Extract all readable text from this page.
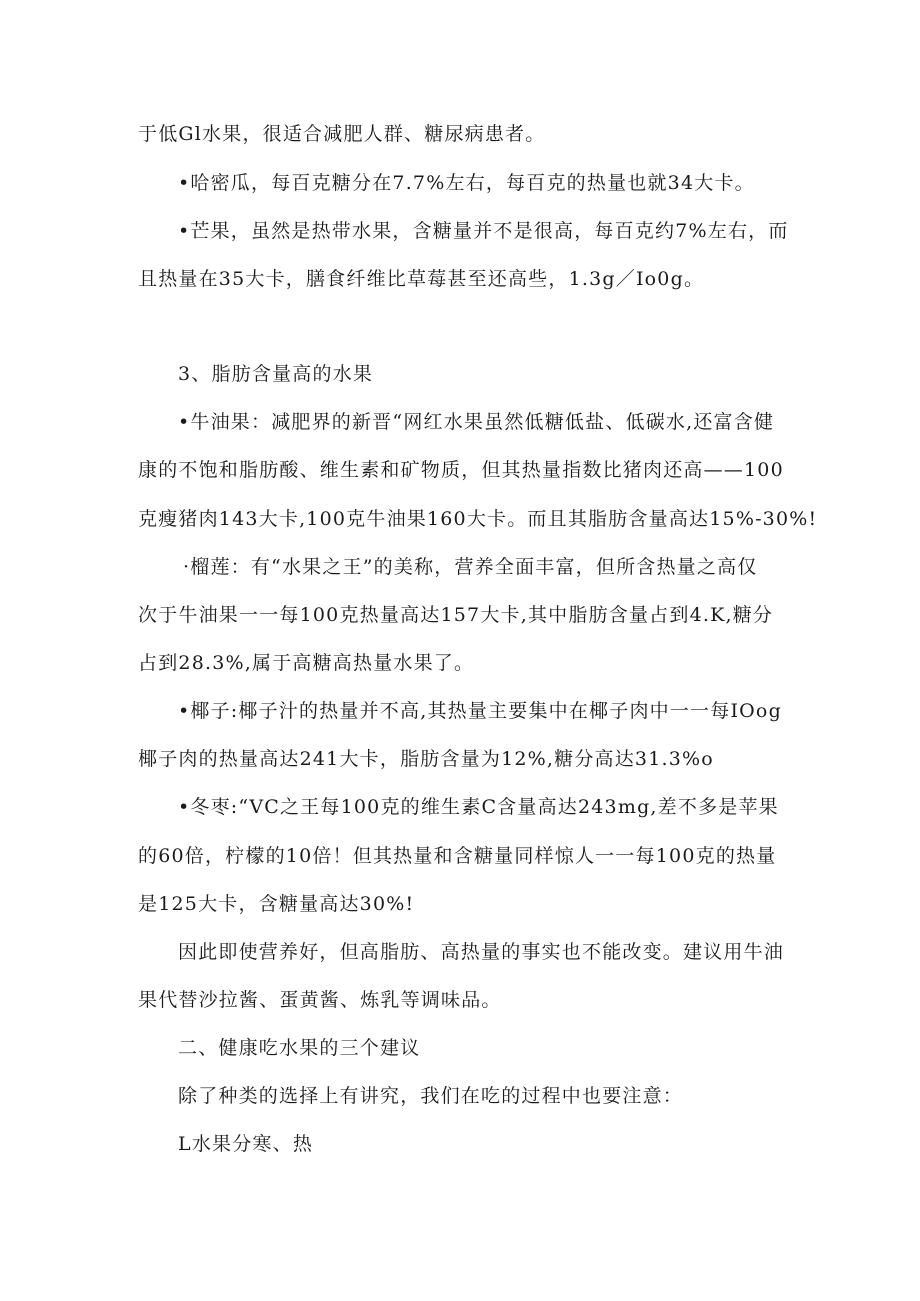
于低Gl水果，很适合减肥人群、糖尿病患者。
•哈密瓜，每百克糖分在7.7%左右，每百克的热量也就34大卡。
•芒果，虽然是热带水果，含糖量并不是很高，每百克约7%左右，而
且热量在35大卡，膳食纤维比草莓甚至还高些，1.3g／Io0g。
3、脂肪含量高的水果
•牛油果：减肥界的新晋“网红水果虽然低糖低盐、低碳水,还富含健
康的不饱和脂肪酸、维生素和矿物质，但其热量指数比猪肉还高——100
克瘦猪肉143大卡,100克牛油果160大卡。而且其脂肪含量高达15%-30%!
·榴莲：有“水果之王”的美称，营养全面丰富，但所含热量之高仅
次于牛油果一一每100克热量高达157大卡,其中脂肪含量占到4.K,糖分
占到28.3%,属于高糖高热量水果了。
•椰子:椰子汁的热量并不高,其热量主要集中在椰子肉中一一每IOog
椰子肉的热量高达241大卡，脂肪含量为12%,糖分高达31.3%o
•冬枣:“VC之王每100克的维生素C含量高达243mg,差不多是苹果
的60倍，柠檬的10倍！但其热量和含糖量同样惊人一一每100克的热量
是125大卡，含糖量高达30%!
因此即使营养好，但高脂肪、高热量的事实也不能改变。建议用牛油
果代替沙拉酱、蛋黄酱、炼乳等调味品。
二、健康吃水果的三个建议
除了种类的选择上有讲究，我们在吃的过程中也要注意：
L水果分寒、热
